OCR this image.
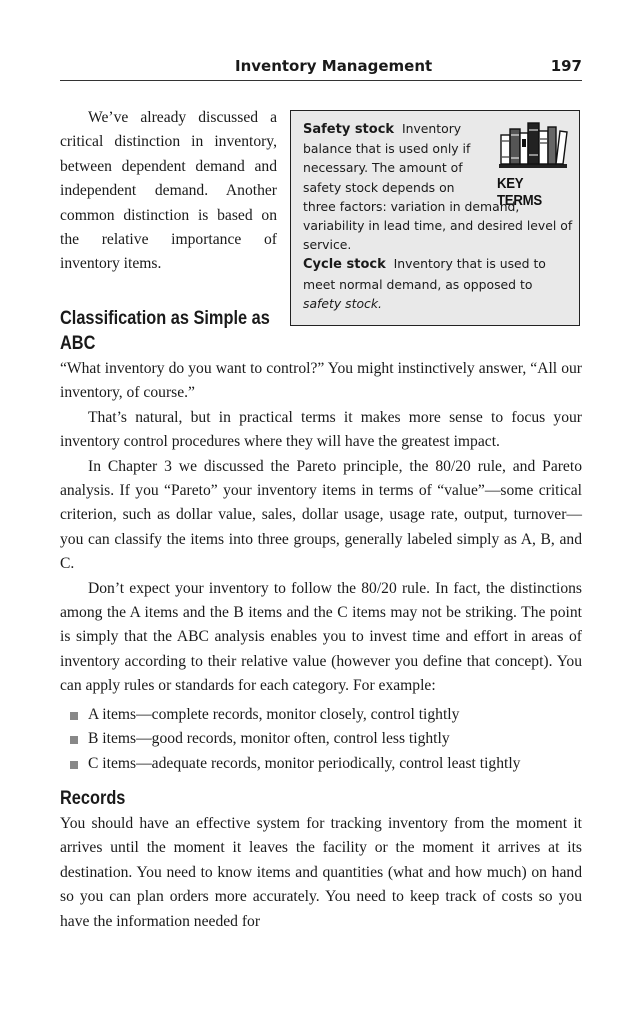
Inventory Management	197

We’ve already discussed a critical distinction in inventory, between dependent demand and independent demand. Another common distinction is based on the relative importance of inventory items.

Classification as Simple as ABC
KEY TERMS

Safety stock Inventory balance that is used only if necessary. The amount of safety stock depends on

three factors: variation in demand, variability in lead time, and desired level of service.

Cycle stock Inventory that is used to meet normal demand, as opposed to safety stock.

“What inventory do you want to control?” You might instinctively answer, “All our inventory, of course.”

That’s natural, but in practical terms it makes more sense to focus your inventory control procedures where they will have the greatest impact.

In Chapter 3 we discussed the Pareto principle, the 80/20 rule, and Pareto analysis. If you “Pareto” your inventory items in terms of “value”—some critical criterion, such as dollar value, sales, dollar usage, usage rate, output, turnover—you can classify the items into three groups, generally labeled simply as A, B, and C.

Don’t expect your inventory to follow the 80/20 rule. In fact, the distinctions among the A items and the B items and the C items may not be striking. The point is simply that the ABC analysis enables you to invest time and effort in areas of inventory according to their relative value (however you define that concept). You can apply rules or standards for each category. For example:

A items—complete records, monitor closely, control tightly
B items—good records, monitor often, control less tightly
C items—adequate records, monitor periodically, control least tightly
Records

You should have an effective system for tracking inventory from the moment it arrives until the moment it leaves the facility or the moment it arrives at its destination. You need to know items and quantities (what and how much) on hand so you can plan orders more accurately. You need to keep track of costs so you have the information needed for
